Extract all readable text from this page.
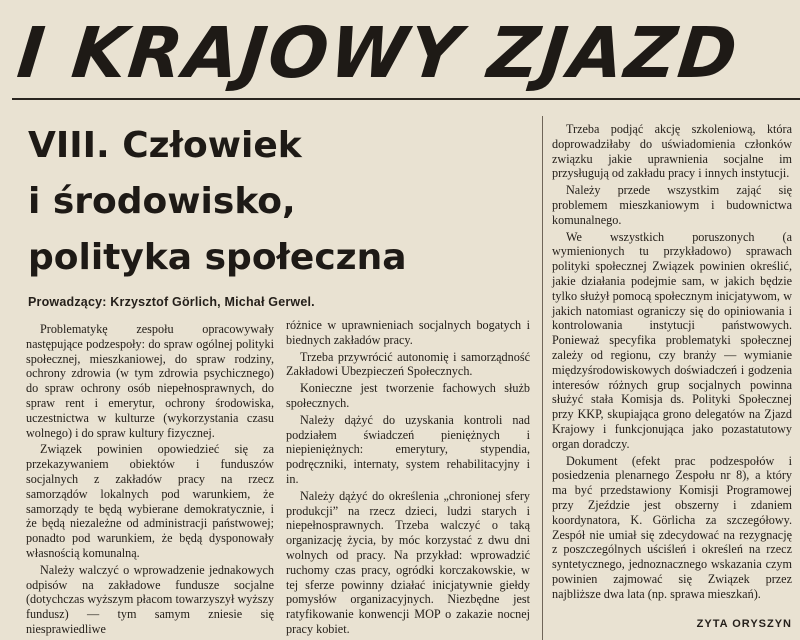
I KRAJOWY ZJAZD
VIII. Człowiek
i środowisko,
polityka społeczna
Prowadzący: Krzysztof Görlich, Michał Gerwel.

Problematykę zespołu opracowywały następujące podzespoły: do spraw ogólnej polityki społecznej, mieszkaniowej, do spraw rodziny, ochrony zdrowia (w tym zdrowia psychicznego) do spraw ochrony osób niepełnosprawnych, do spraw rent i emerytur, ochrony środowiska, uczestnictwa w kulturze (wykorzystania czasu wolnego) i do spraw kultury fizycznej.

Związek powinien opowiedzieć się za przekazywaniem obiektów i funduszów socjalnych z zakładów pracy na rzecz samorządów lokalnych pod warunkiem, że samorządy te będą wybierane demokratycznie, i że będą niezależne od administracji państwowej; ponadto pod warunkiem, że będą dysponowały własnością komunalną.

Należy walczyć o wprowadzenie jednakowych odpisów na zakładowe fundusze socjalne (dotychczas wyższym płacom towarzyszył wyższy fundusz) — tym samym zniesie się niesprawiedliwe

różnice w uprawnieniach socjalnych bogatych i biednych zakładów pracy.

Trzeba przywrócić autonomię i samorządność Zakładowi Ubezpieczeń Społecznych.

Konieczne jest tworzenie fachowych służb społecznych.

Należy dążyć do uzyskania kontroli nad podziałem świadczeń pieniężnych i niepieniężnych: emerytury, stypendia, podręczniki, internaty, system rehabilitacyjny i in.

Należy dążyć do określenia „chronionej sfery produkcji” na rzecz dzieci, ludzi starych i niepełnosprawnych. Trzeba walczyć o taką organizację życia, by móc korzystać z dwu dni wolnych od pracy. Na przykład: wprowadzić ruchomy czas pracy, ogródki korczakowskie, w tej sferze powinny działać inicjatywnie giełdy pomysłów organizacyjnych. Niezbędne jest ratyfikowanie konwencji MOP o zakazie nocnej pracy kobiet.

Trzeba podjąć akcję szkoleniową, która doprowadziłaby do uświadomienia członków związku jakie uprawnienia socjalne im przysługują od zakładu pracy i innych instytucji.

Należy przede wszystkim zająć się problemem mieszkaniowym i budownictwa komunalnego.

We wszystkich poruszonych (a wymienionych tu przykładowo) sprawach polityki społecznej Związek powinien określić, jakie działania podejmie sam, w jakich będzie tylko służył pomocą społecznym inicjatywom, w jakich natomiast ograniczy się do opiniowania i kontrolowania instytucji państwowych. Ponieważ specyfika problematyki społecznej zależy od regionu, czy branży — wymianie międzyśrodowiskowych doświadczeń i godzenia interesów różnych grup socjalnych powinna służyć stała Komisja ds. Polityki Społecznej przy KKP, skupiająca grono delegatów na Zjazd Krajowy i funkcjonująca jako pozastatutowy organ doradczy.

Dokument (efekt prac podzespołów i posiedzenia plenarnego Zespołu nr 8), a który ma być przedstawiony Komisji Programowej przy Zjeździe jest obszerny i zdaniem koordynatora, K. Görlicha za szczegółowy. Zespół nie umiał się zdecydować na rezygnację z poszczególnych uściśleń i określeń na rzecz syntetycznego, jednoznacznego wskazania czym powinien zajmować się Związek przez najbliższe dwa lata (np. sprawa mieszkań).

ZYTA ORYSZYN
